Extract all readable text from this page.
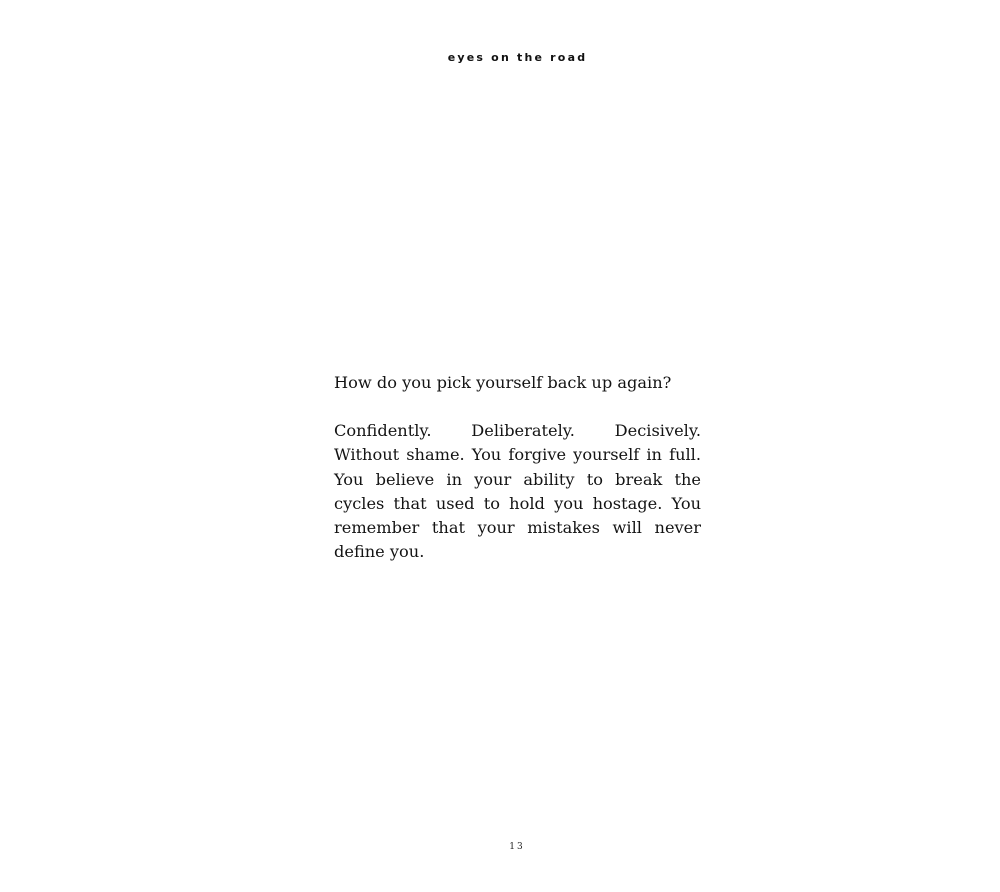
eyes on the road

How do you pick yourself back up again?

Confidently. Deliberately. Decisively. Without shame. You forgive yourself in full. You believe in your ability to break the cycles that used to hold you hostage. You remember that your mistakes will never define you.

13
